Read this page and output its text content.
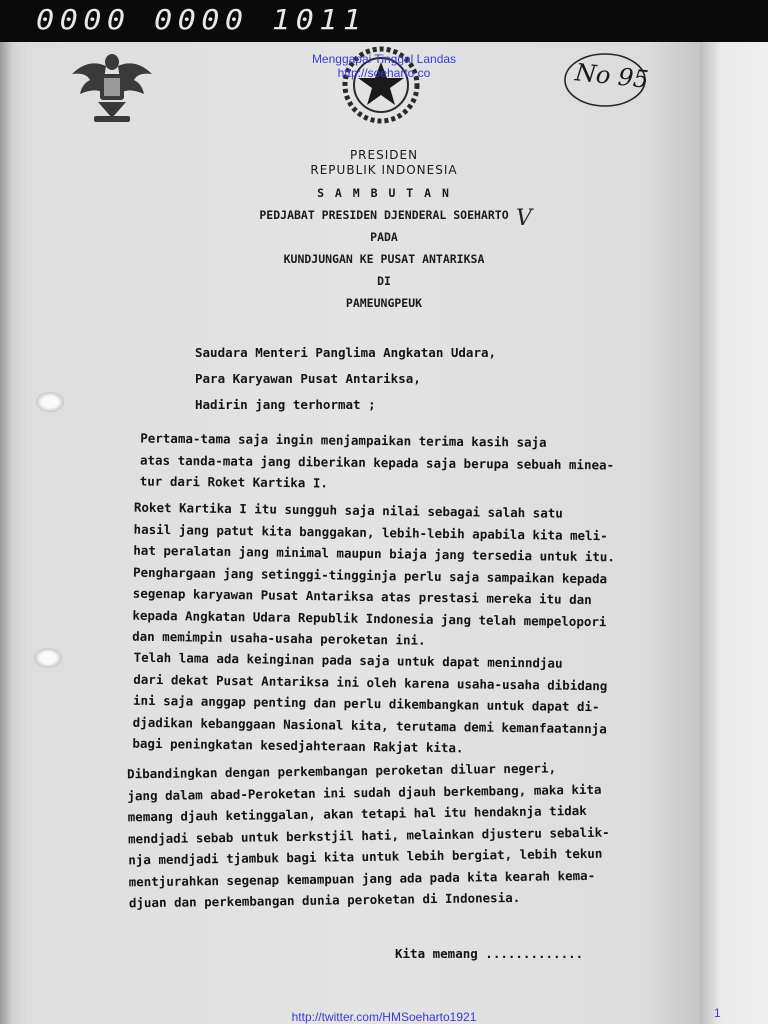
0000 0000 1011
Menggapai Tinggal Landas
http://soeharto.co	No 95
PRESIDEN
REPUBLIK INDONESIA
S A M B U T A N
PEDJABAT PRESIDEN DJENDERAL SOEHARTO
PADA
KUNDJUNGAN KE PUSAT ANTARIKSA
DI
PAMEUNGPEUK
V
Saudara Menteri Panglima Angkatan Udara,
Para Karyawan Pusat Antariksa,
Hadirin jang terhormat ;
Pertama-tama saja ingin menjampaikan terima kasih saja
atas tanda-mata jang diberikan kepada saja berupa sebuah minea-
tur dari Roket Kartika I.
Roket Kartika I itu sungguh saja nilai sebagai salah satu
hasil jang patut kita banggakan, lebih-lebih apabila kita meli-
hat peralatan jang minimal maupun biaja jang tersedia untuk itu.
Penghargaan jang setinggi-tingginja perlu saja sampaikan kepada
segenap karyawan Pusat Antariksa atas prestasi mereka itu dan
kepada Angkatan Udara Republik Indonesia jang telah mempelopori
dan memimpin usaha-usaha peroketan ini.
Telah lama ada keinginan pada saja untuk dapat meninndjau
dari dekat Pusat Antariksa ini oleh karena usaha-usaha dibidang
ini saja anggap penting dan perlu dikembangkan untuk dapat di-
djadikan kebanggaan Nasional kita, terutama demi kemanfaatannja
bagi peningkatan kesedjahteraan Rakjat kita.
Dibandingkan dengan perkembangan peroketan diluar negeri,
jang dalam abad-Peroketan ini sudah djauh berkembang, maka kita
memang djauh ketinggalan, akan tetapi hal itu hendaknja tidak
mendjadi sebab untuk berkstjil hati, melainkan djusteru sebalik-
nja mendjadi tjambuk bagi kita untuk lebih bergiat, lebih tekun
mentjurahkan segenap kemampuan jang ada pada kita kearah kema-
djuan dan perkembangan dunia peroketan di Indonesia.
Kita memang .............
http://twitter.com/HMSoeharto1921	1
